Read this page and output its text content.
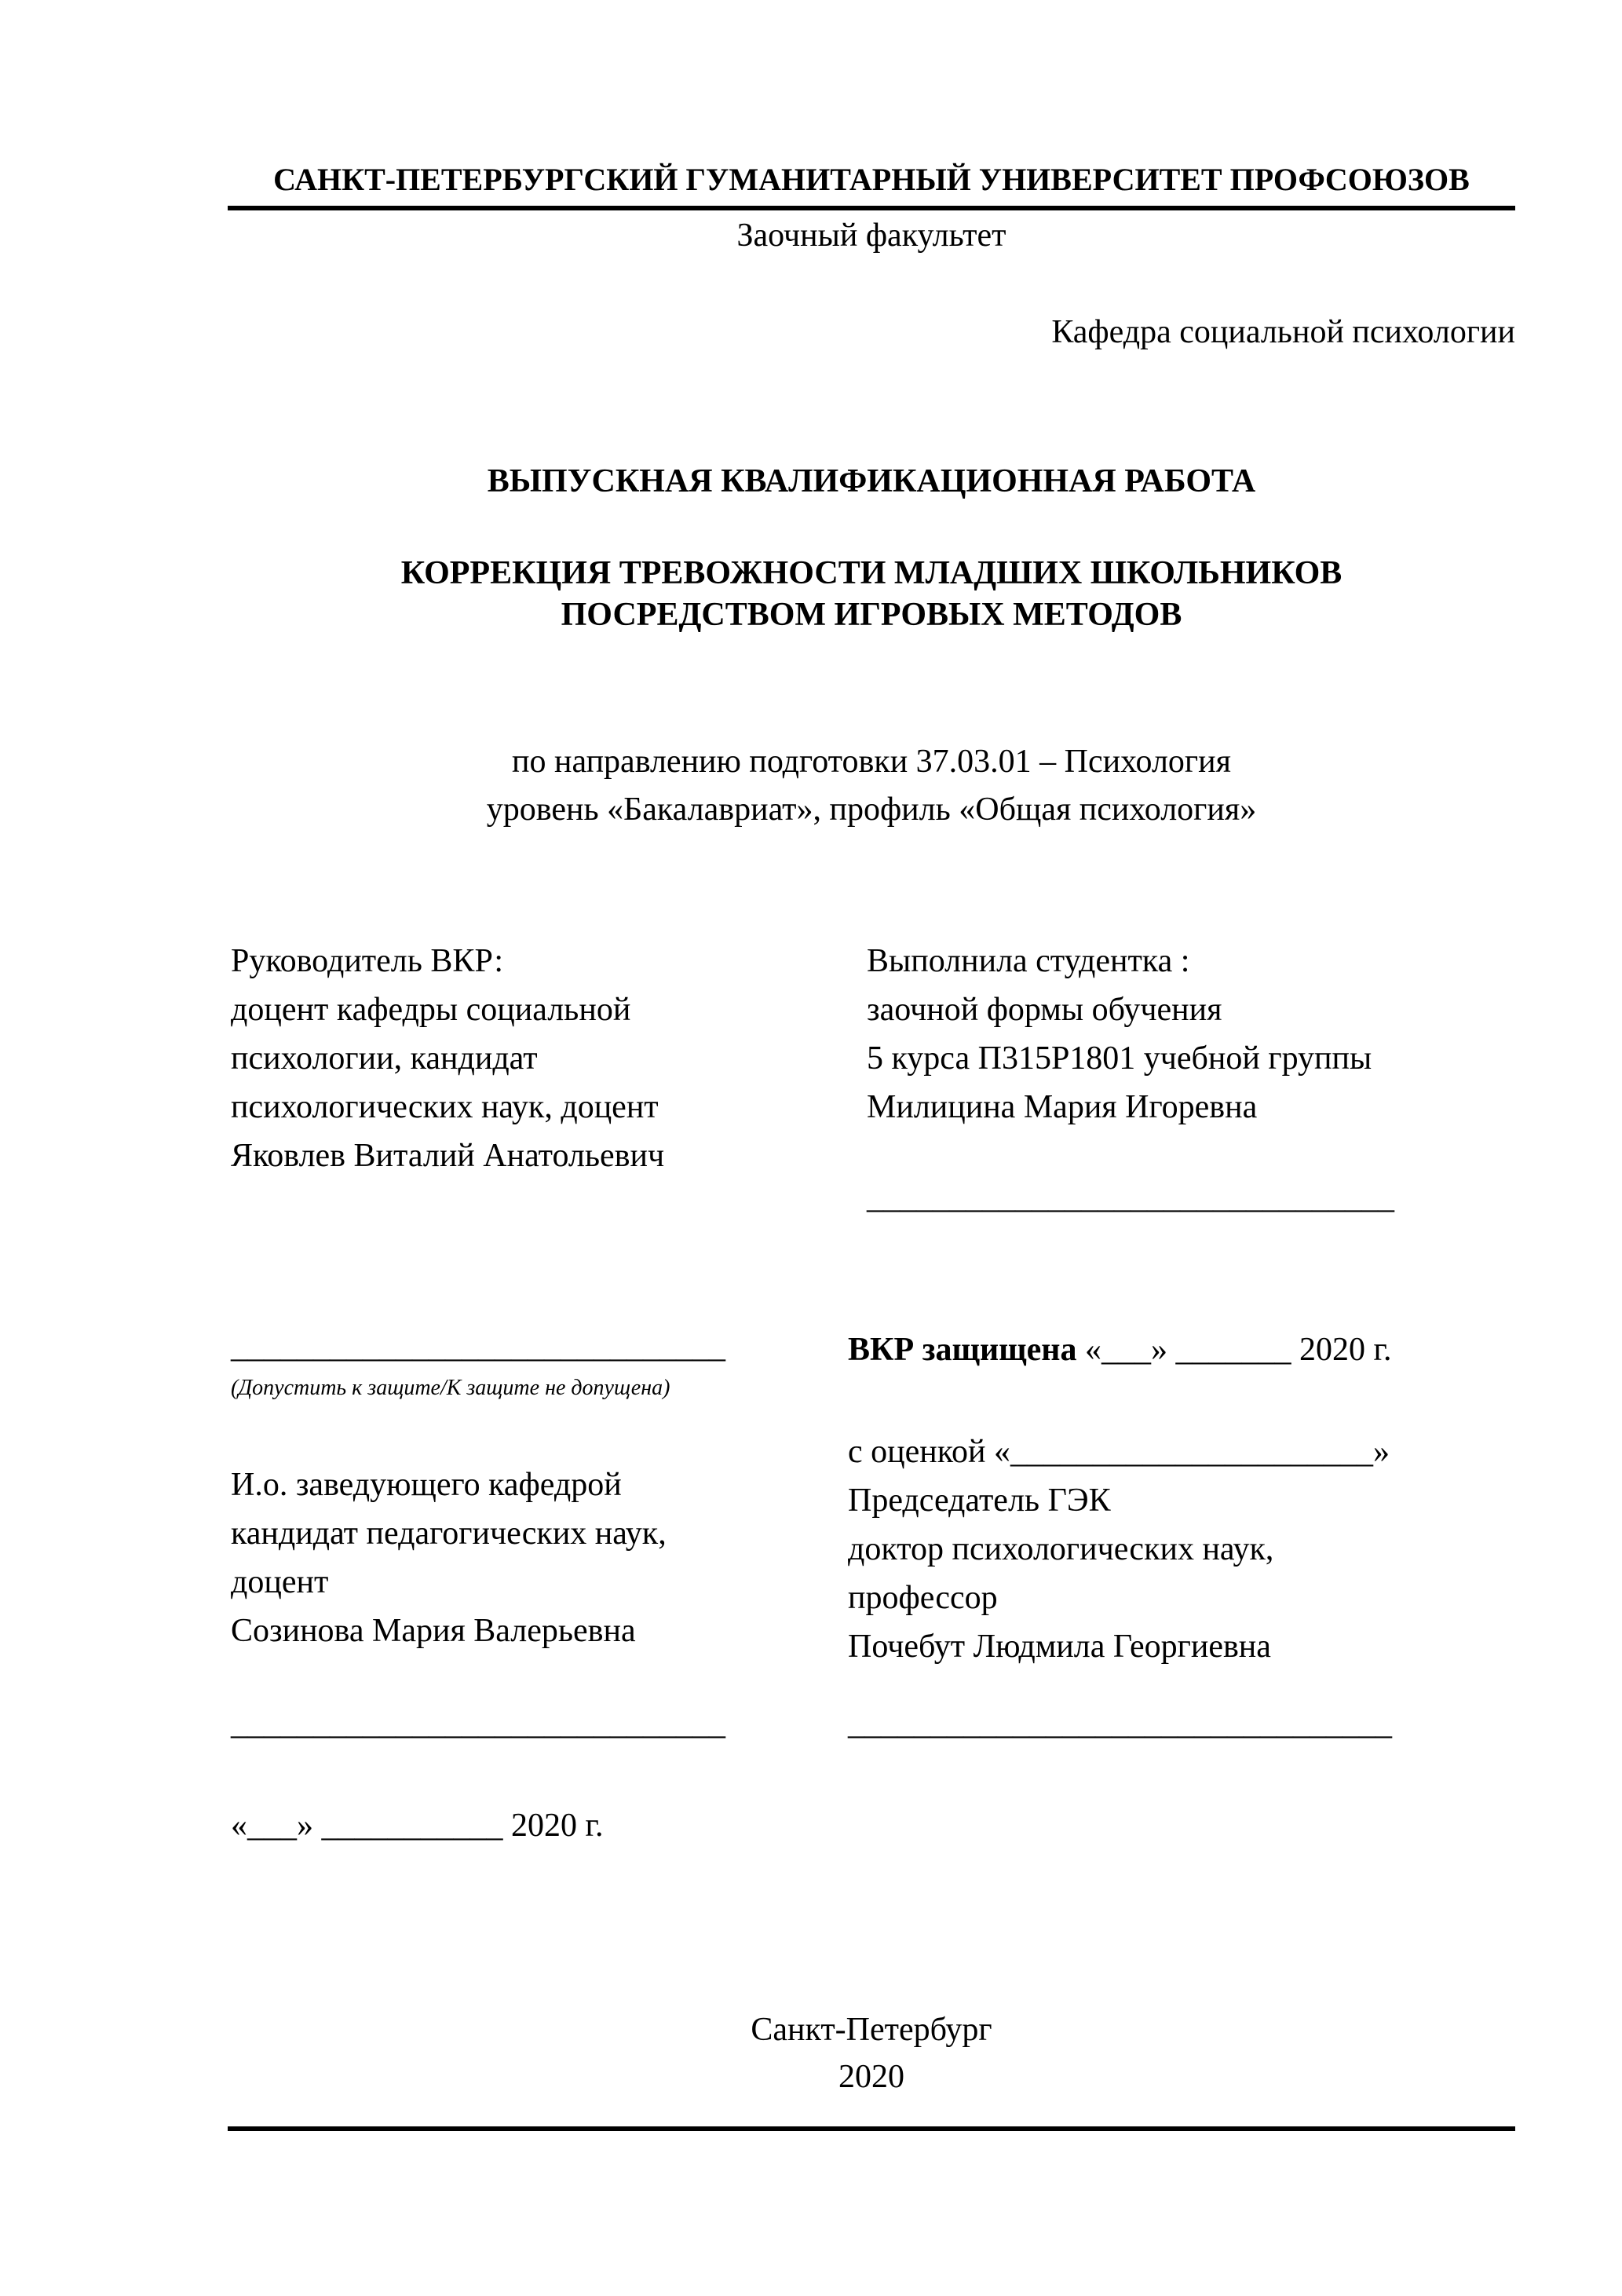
САНКТ-ПЕТЕРБУРГСКИЙ ГУМАНИТАРНЫЙ УНИВЕРСИТЕТ ПРОФСОЮЗОВ
Заочный факультет
Кафедра социальной психологии
ВЫПУСКНАЯ КВАЛИФИКАЦИОННАЯ РАБОТА
КОРРЕКЦИЯ ТРЕВОЖНОСТИ МЛАДШИХ ШКОЛЬНИКОВ
ПОСРЕДСТВОМ ИГРОВЫХ МЕТОДОВ
по направлению подготовки 37.03.01 – Психология
уровень «Бакалавриат», профиль «Общая психология»
Руководитель ВКР:
доцент кафедры социальной
психологии, кандидат
психологических наук, доцент
Яковлев Виталий Анатольевич
Выполнила студентка :
заочной формы обучения
5 курса П315Р1801 учебной группы
Милицина Мария Игоревна
________________________________
______________________________
(Допустить к защите/К защите не допущена)
И.о. заведующего кафедрой
кандидат педагогических наук,
доцент
Созинова Мария Валерьевна
______________________________
«___» ___________ 2020 г.
ВКР защищена «___» _______ 2020 г.
с оценкой «______________________»
Председатель ГЭК
доктор психологических наук,
профессор
Почебут Людмила Георгиевна
_________________________________
Санкт-Петербург
2020
